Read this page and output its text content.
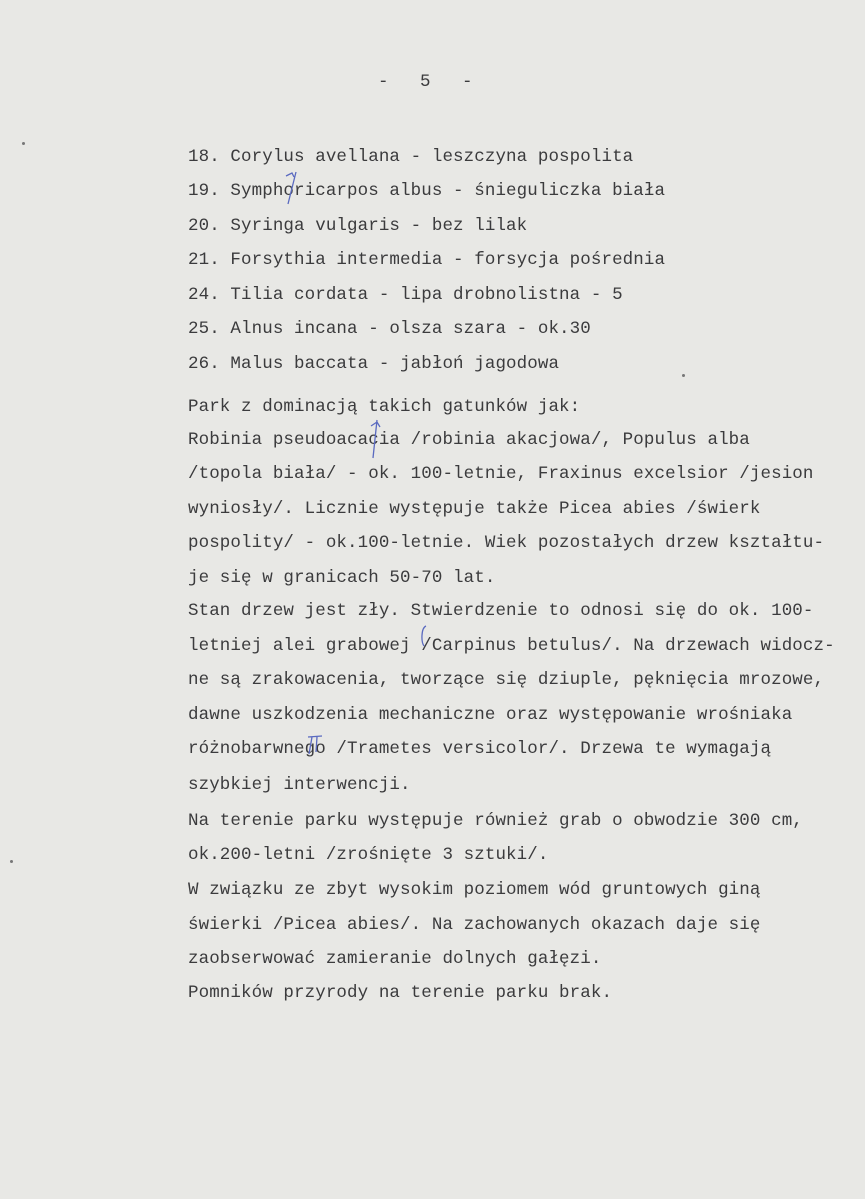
-   5   -
18. Corylus avellana - leszczyna pospolita
19. Symphoricarpos albus - śnieguliczka biała
20. Syringa vulgaris - bez lilak
21. Forsythia intermedia - forsycja pośrednia
24. Tilia cordata - lipa drobnolistna - 5
25. Alnus incana - olsza szara - ok.30
26. Malus baccata - jabłoń jagodowa
Park z dominacją takich gatunków jak:
Robinia pseudoacacia /robinia akacjowa/, Populus alba
/topola biała/ - ok. 100-letnie, Fraxinus excelsior /jesion
wyniosły/. Licznie występuje także Picea abies /świerk
pospolity/ - ok.100-letnie. Wiek pozostałych drzew kształtu-
je się w granicach 50-70 lat.
Stan drzew jest zły. Stwierdzenie to odnosi się do ok. 100-
letniej alei grabowej /Carpinus betulus/. Na drzewach widocz-
ne są zrakowacenia, tworzące się dziuple, pęknięcia mrozowe,
dawne uszkodzenia mechaniczne oraz występowanie wrośniaka
różnobarwnego /Trametes versicolor/. Drzewa te wymagają
szybkiej interwencji.
Na terenie parku występuje również grab o obwodzie 300 cm,
ok.200-letni /zrośnięte 3 sztuki/.
W związku ze zbyt wysokim poziomem wód gruntowych giną
świerki /Picea abies/. Na zachowanych okazach daje się
zaobserwować zamieranie dolnych gałęzi.
Pomników przyrody na terenie parku brak.
